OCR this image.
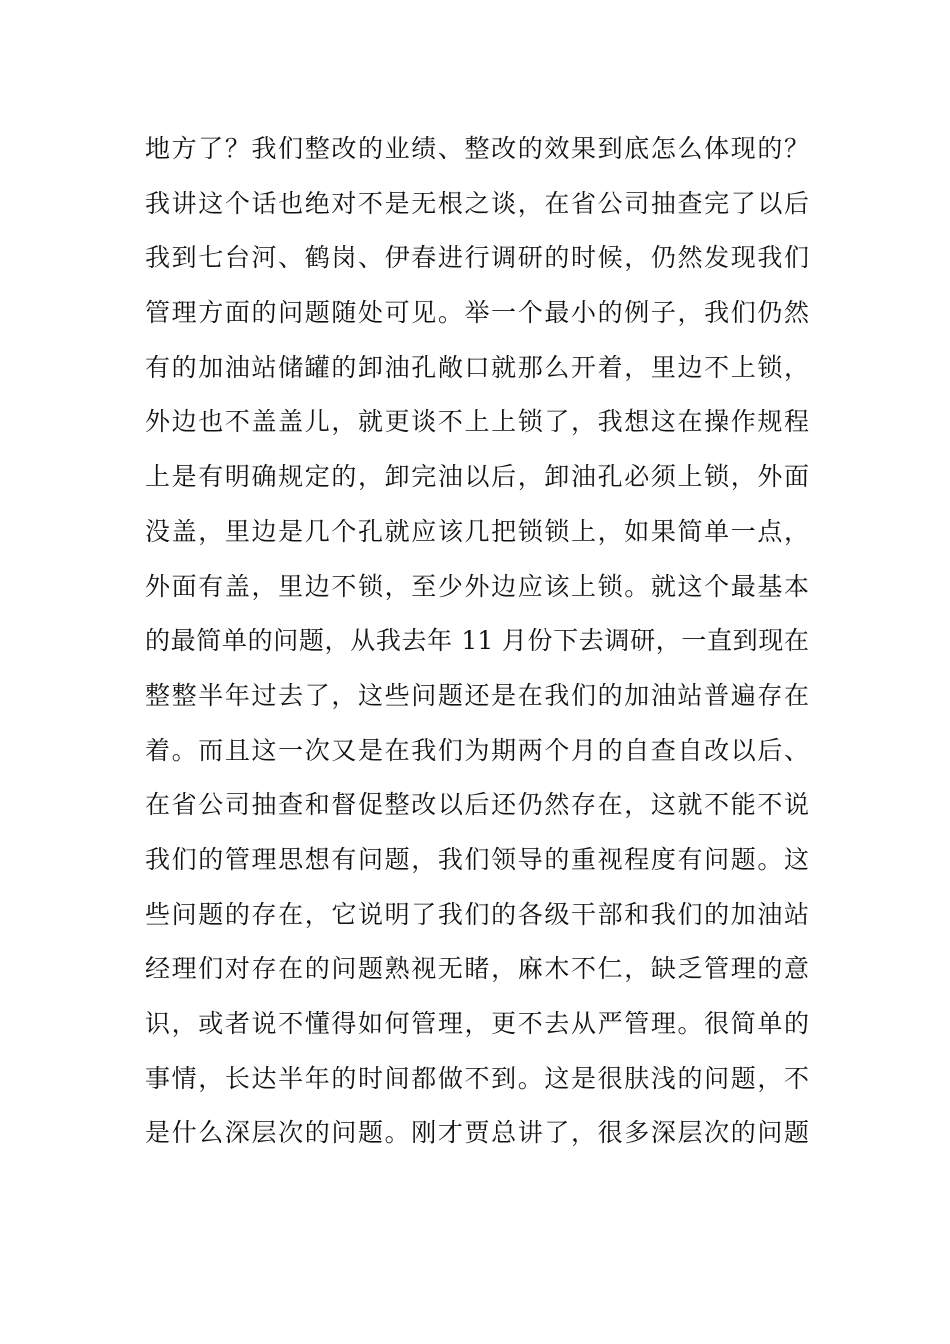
地方了？我们整改的业绩、整改的效果到底怎么体现的？
我讲这个话也绝对不是无根之谈，在省公司抽查完了以后
我到七台河、鹤岗、伊春进行调研的时候，仍然发现我们
管理方面的问题随处可见。举一个最小的例子，我们仍然
有的加油站储罐的卸油孔敞口就那么开着，里边不上锁，
外边也不盖盖儿，就更谈不上上锁了，我想这在操作规程
上是有明确规定的，卸完油以后，卸油孔必须上锁，外面
没盖，里边是几个孔就应该几把锁锁上，如果简单一点，
外面有盖，里边不锁，至少外边应该上锁。就这个最基本
的最简单的问题，从我去年 11 月份下去调研，一直到现在
整整半年过去了，这些问题还是在我们的加油站普遍存在
着。而且这一次又是在我们为期两个月的自查自改以后、
在省公司抽查和督促整改以后还仍然存在，这就不能不说
我们的管理思想有问题，我们领导的重视程度有问题。这
些问题的存在，它说明了我们的各级干部和我们的加油站
经理们对存在的问题熟视无睹，麻木不仁，缺乏管理的意
识，或者说不懂得如何管理，更不去从严管理。很简单的
事情，长达半年的时间都做不到。这是很肤浅的问题，不
是什么深层次的问题。刚才贾总讲了，很多深层次的问题
